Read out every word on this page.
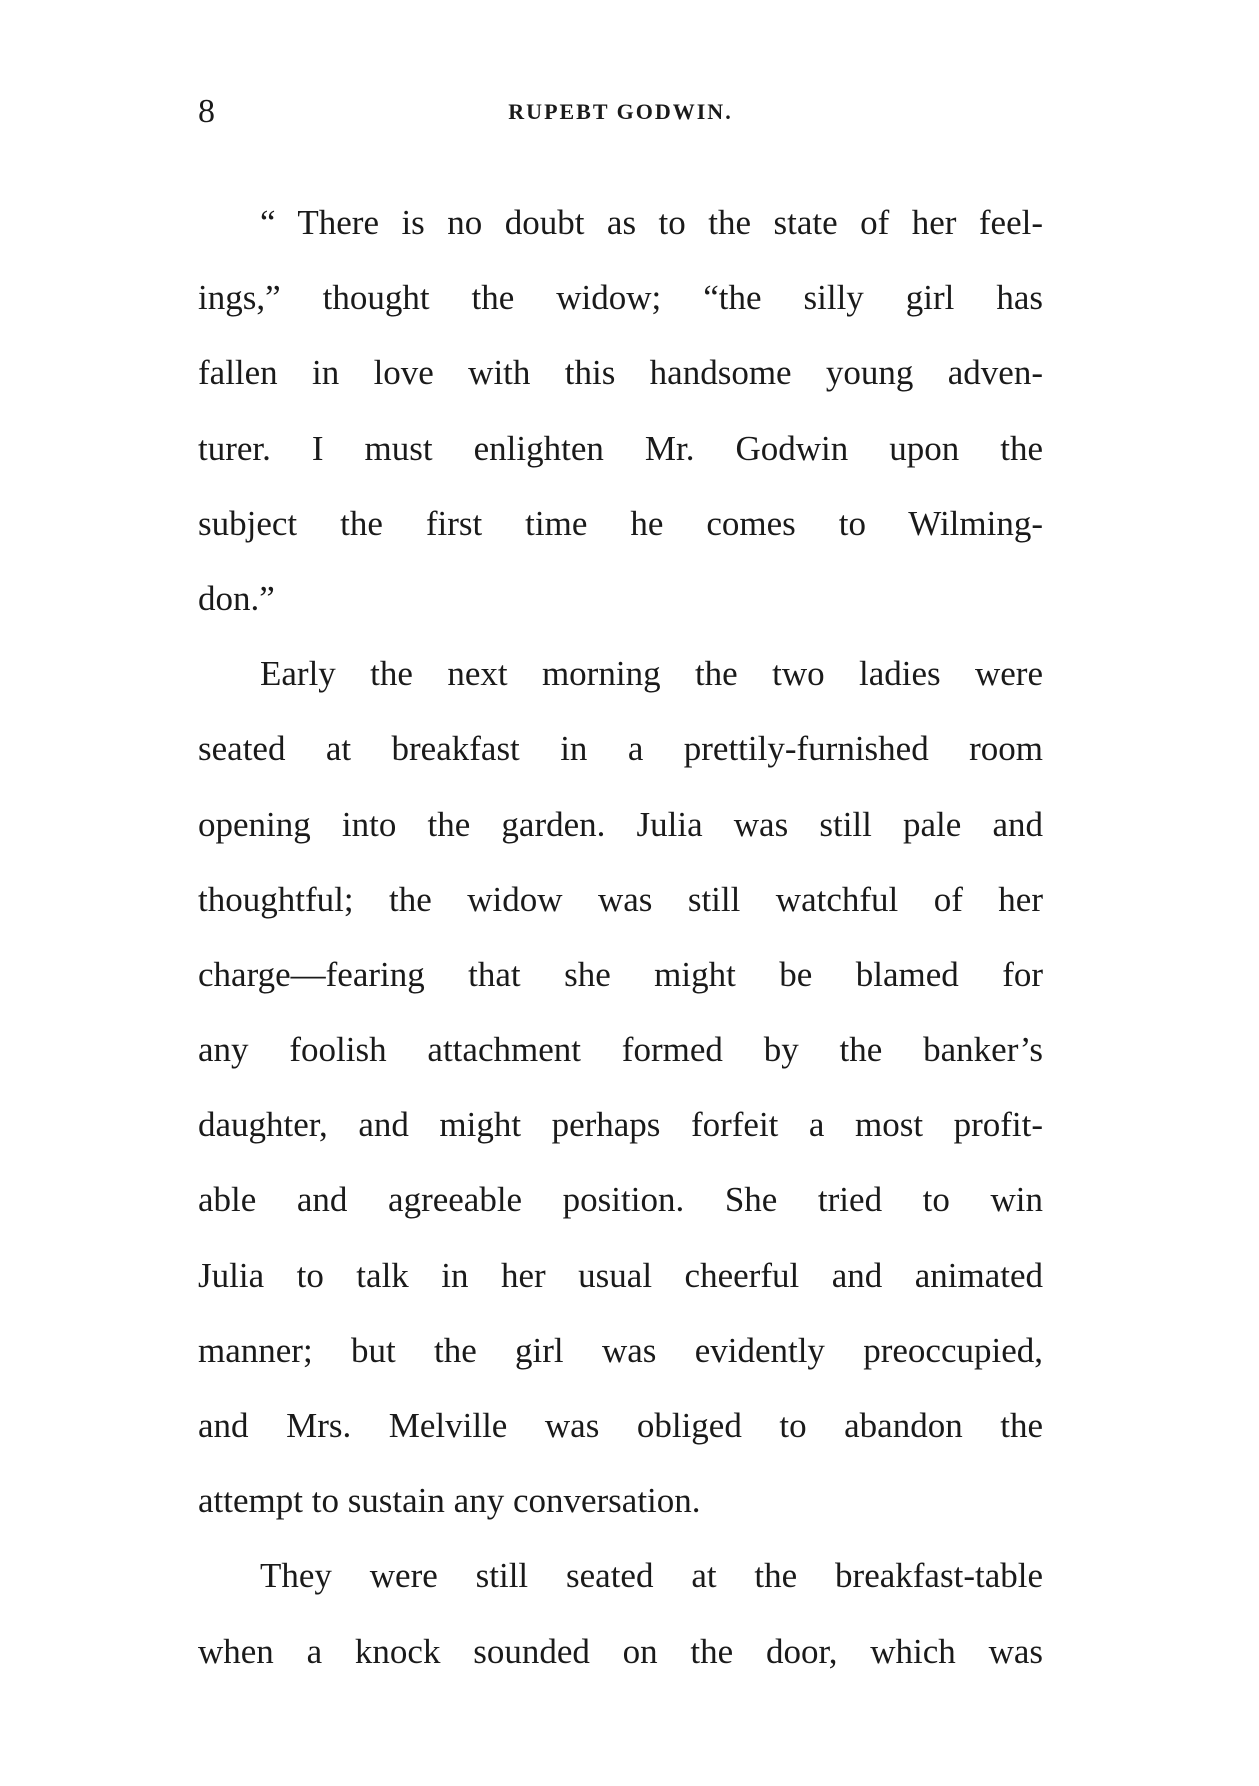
8	RUPEBT GODWIN.
“ There is no doubt as to the state of her feel-
ings,” thought the widow; “the silly girl has
fallen in love with this handsome young adven-
turer. I must enlighten Mr. Godwin upon the
subject the first time he comes to Wilming-
don.”
Early the next morning the two ladies were
seated at breakfast in a prettily-furnished room
opening into the garden. Julia was still pale and
thoughtful; the widow was still watchful of her
charge—fearing that she might be blamed for
any foolish attachment formed by the banker’s
daughter, and might perhaps forfeit a most profit-
able and agreeable position. She tried to win
Julia to talk in her usual cheerful and animated
manner; but the girl was evidently preoccupied,
and Mrs. Melville was obliged to abandon the
attempt to sustain any conversation.
They were still seated at the breakfast-table
when a knock sounded on the door, which was
